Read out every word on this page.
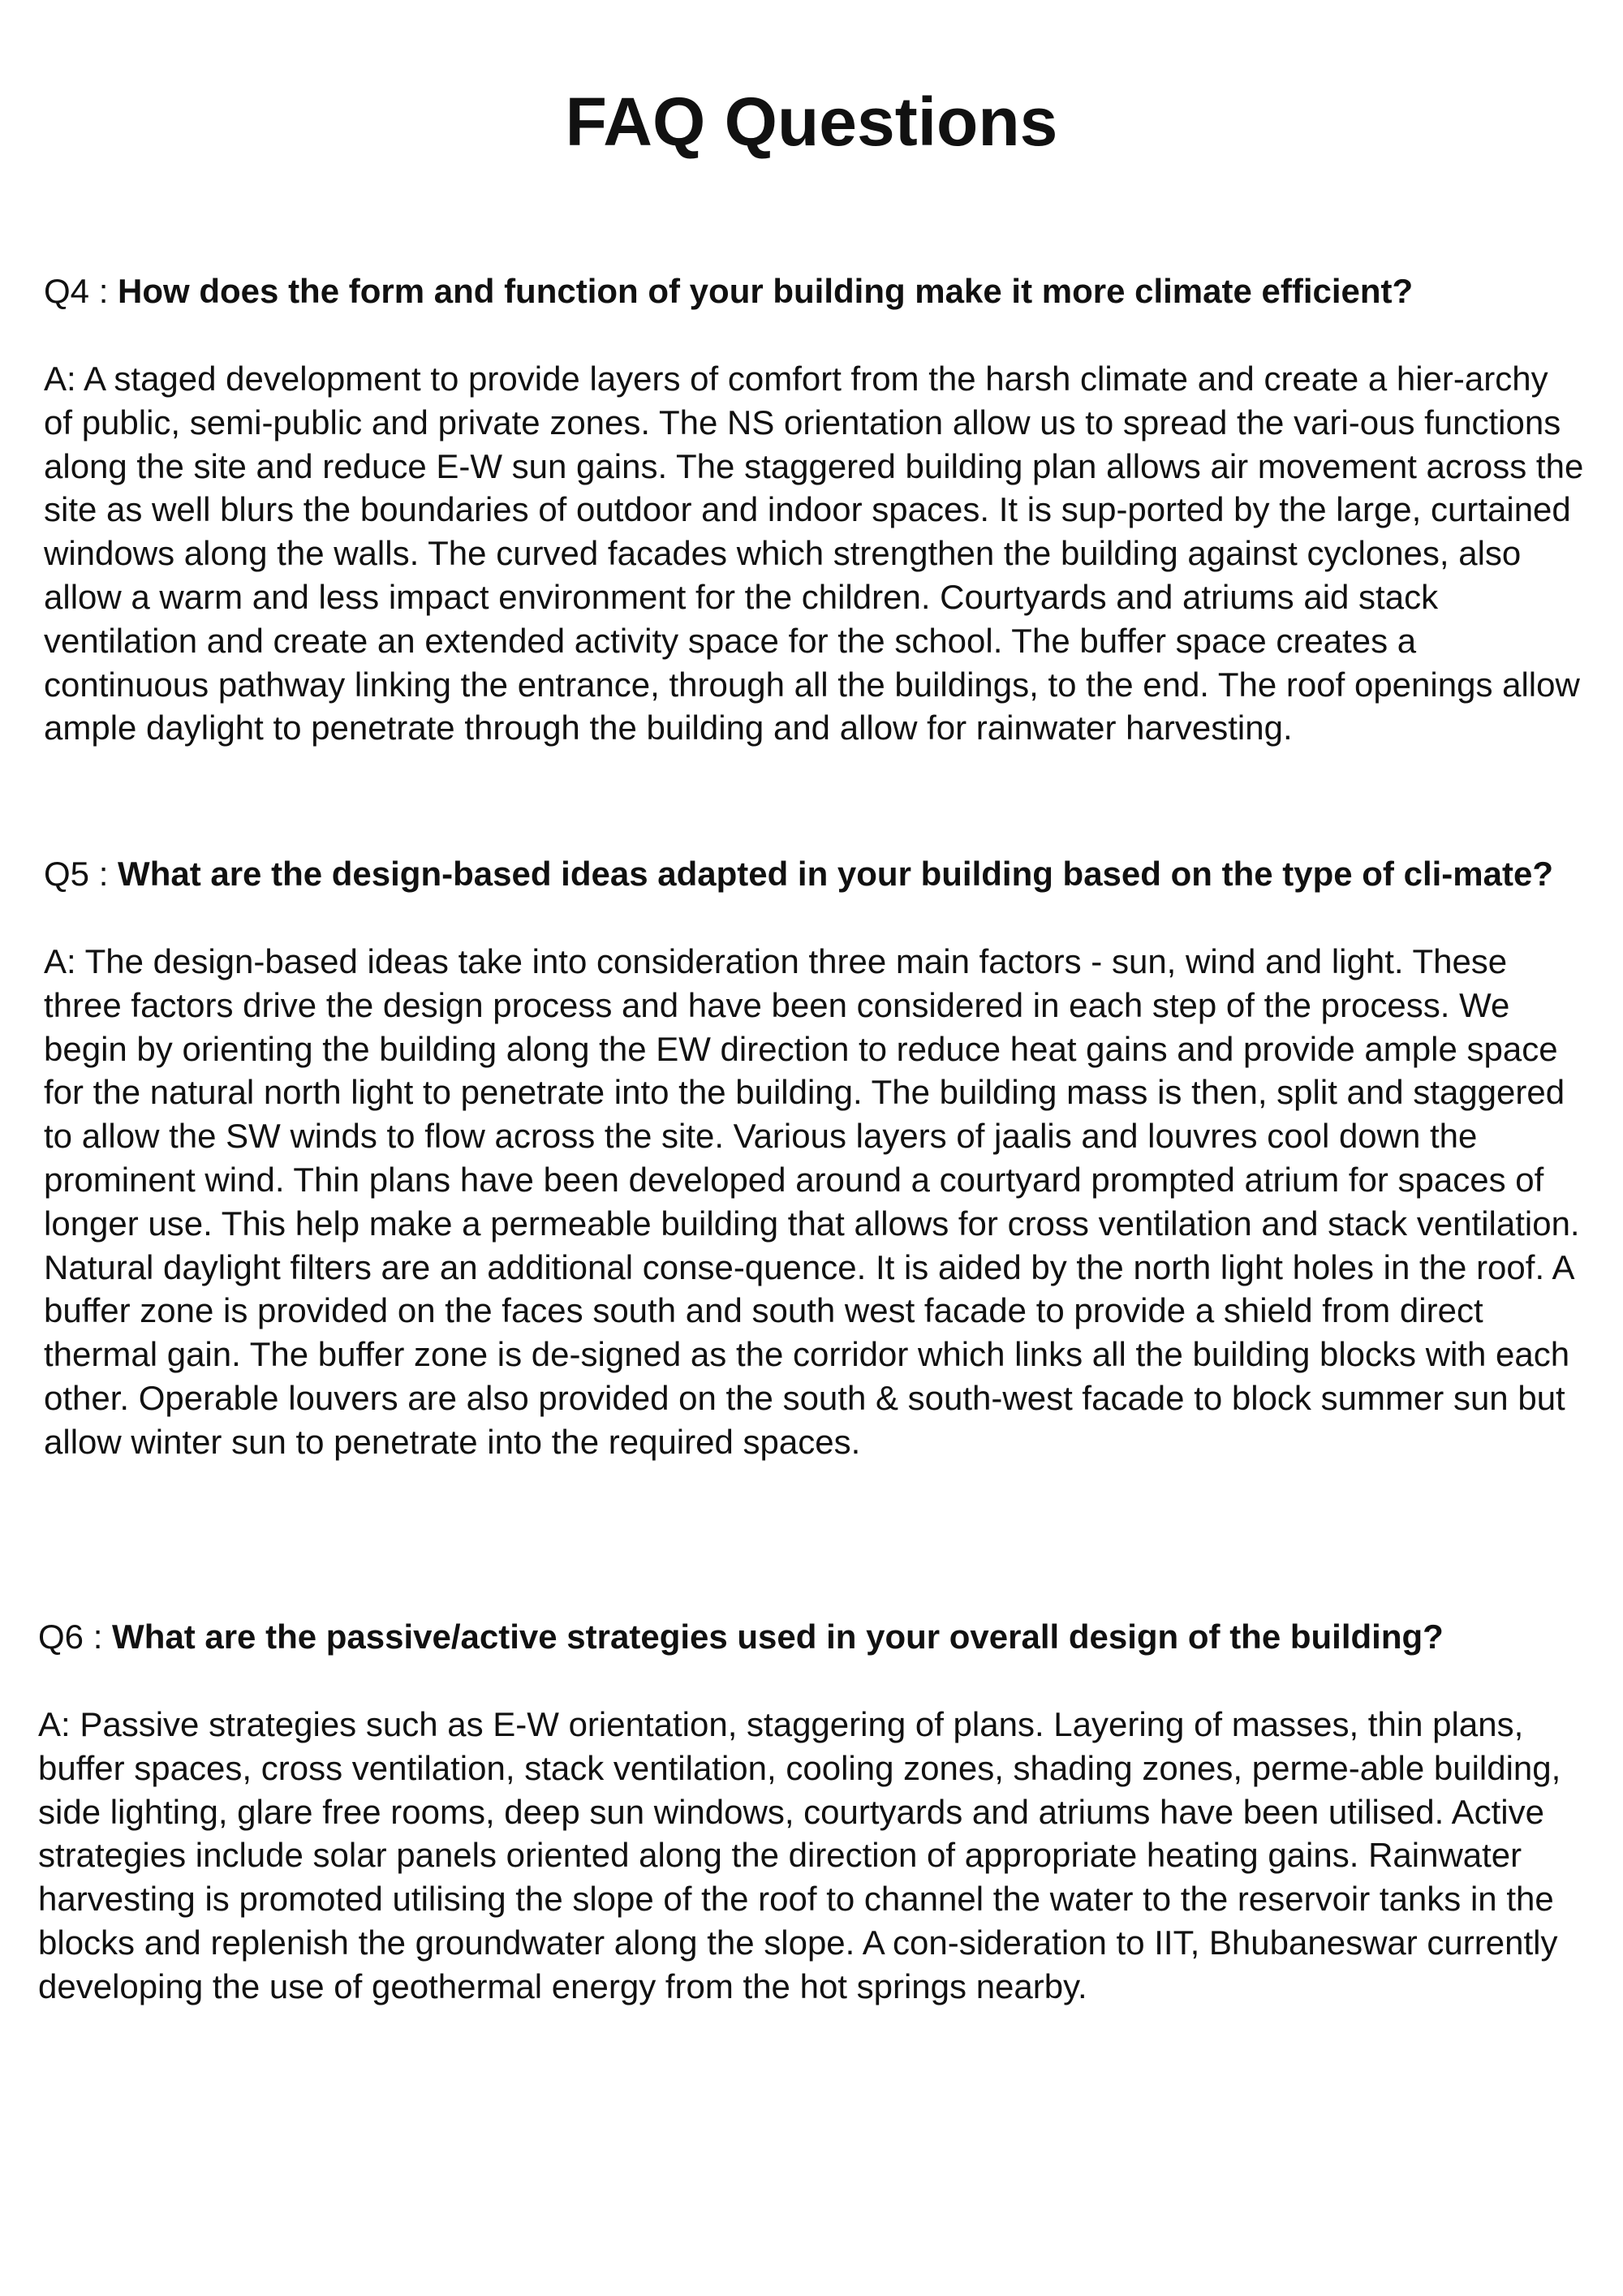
FAQ Questions

Q4 : How does the form and function of your building make it more climate efficient?

A: A staged development to provide layers of comfort from the harsh climate and create a hier-archy of public, semi-public and private zones. The NS orientation allow us to spread the vari-ous functions along the site and reduce E-W sun gains. The staggered building plan allows air movement across the site as well blurs the boundaries of outdoor and indoor spaces. It is sup-ported by the large, curtained windows along the walls. The curved facades which strengthen the building against cyclones, also allow a warm and less impact environment for the children. Courtyards and atriums aid stack ventilation and create an extended activity space for the school. The buffer space creates a continuous pathway linking the entrance, through all the buildings, to the end. The roof openings allow ample daylight to penetrate through the building and allow for rainwater harvesting.

Q5 : What are the design-based ideas adapted in your building based on the type of cli-mate?

A: The design-based ideas take into consideration three main factors - sun, wind and light. These three factors drive the design process and have been considered in each step of the process. We begin by orienting the building along the EW direction to reduce heat gains and provide ample space for the natural north light to penetrate into the building. The building mass is then, split and staggered to allow the SW winds to flow across the site. Various layers of jaalis and louvres cool down the prominent wind. Thin plans have been developed around a courtyard prompted atrium for spaces of longer use. This help make a permeable building that allows for cross ventilation and stack ventilation. Natural daylight filters are an additional conse-quence. It is aided by the north light holes in the roof. A buffer zone is provided on the faces south and south west facade to provide a shield from direct thermal gain. The buffer zone is de-signed as the corridor which links all the building blocks with each other. Operable louvers are also provided on the south & south-west facade to block summer sun but allow winter sun to penetrate into the required spaces.

Q6 : What are the passive/active strategies used in your overall design of the building?

A: Passive strategies such as E-W orientation, staggering of plans. Layering of masses, thin plans, buffer spaces, cross ventilation, stack ventilation, cooling zones, shading zones, perme-able building, side lighting, glare free rooms, deep sun windows, courtyards and atriums have been utilised. Active strategies include solar panels oriented along the direction of appropriate heating gains. Rainwater harvesting is promoted utilising the slope of the roof to channel the water to the reservoir tanks in the blocks and replenish the groundwater along the slope. A con-sideration to IIT, Bhubaneswar currently developing the use of geothermal energy from the hot springs nearby.
